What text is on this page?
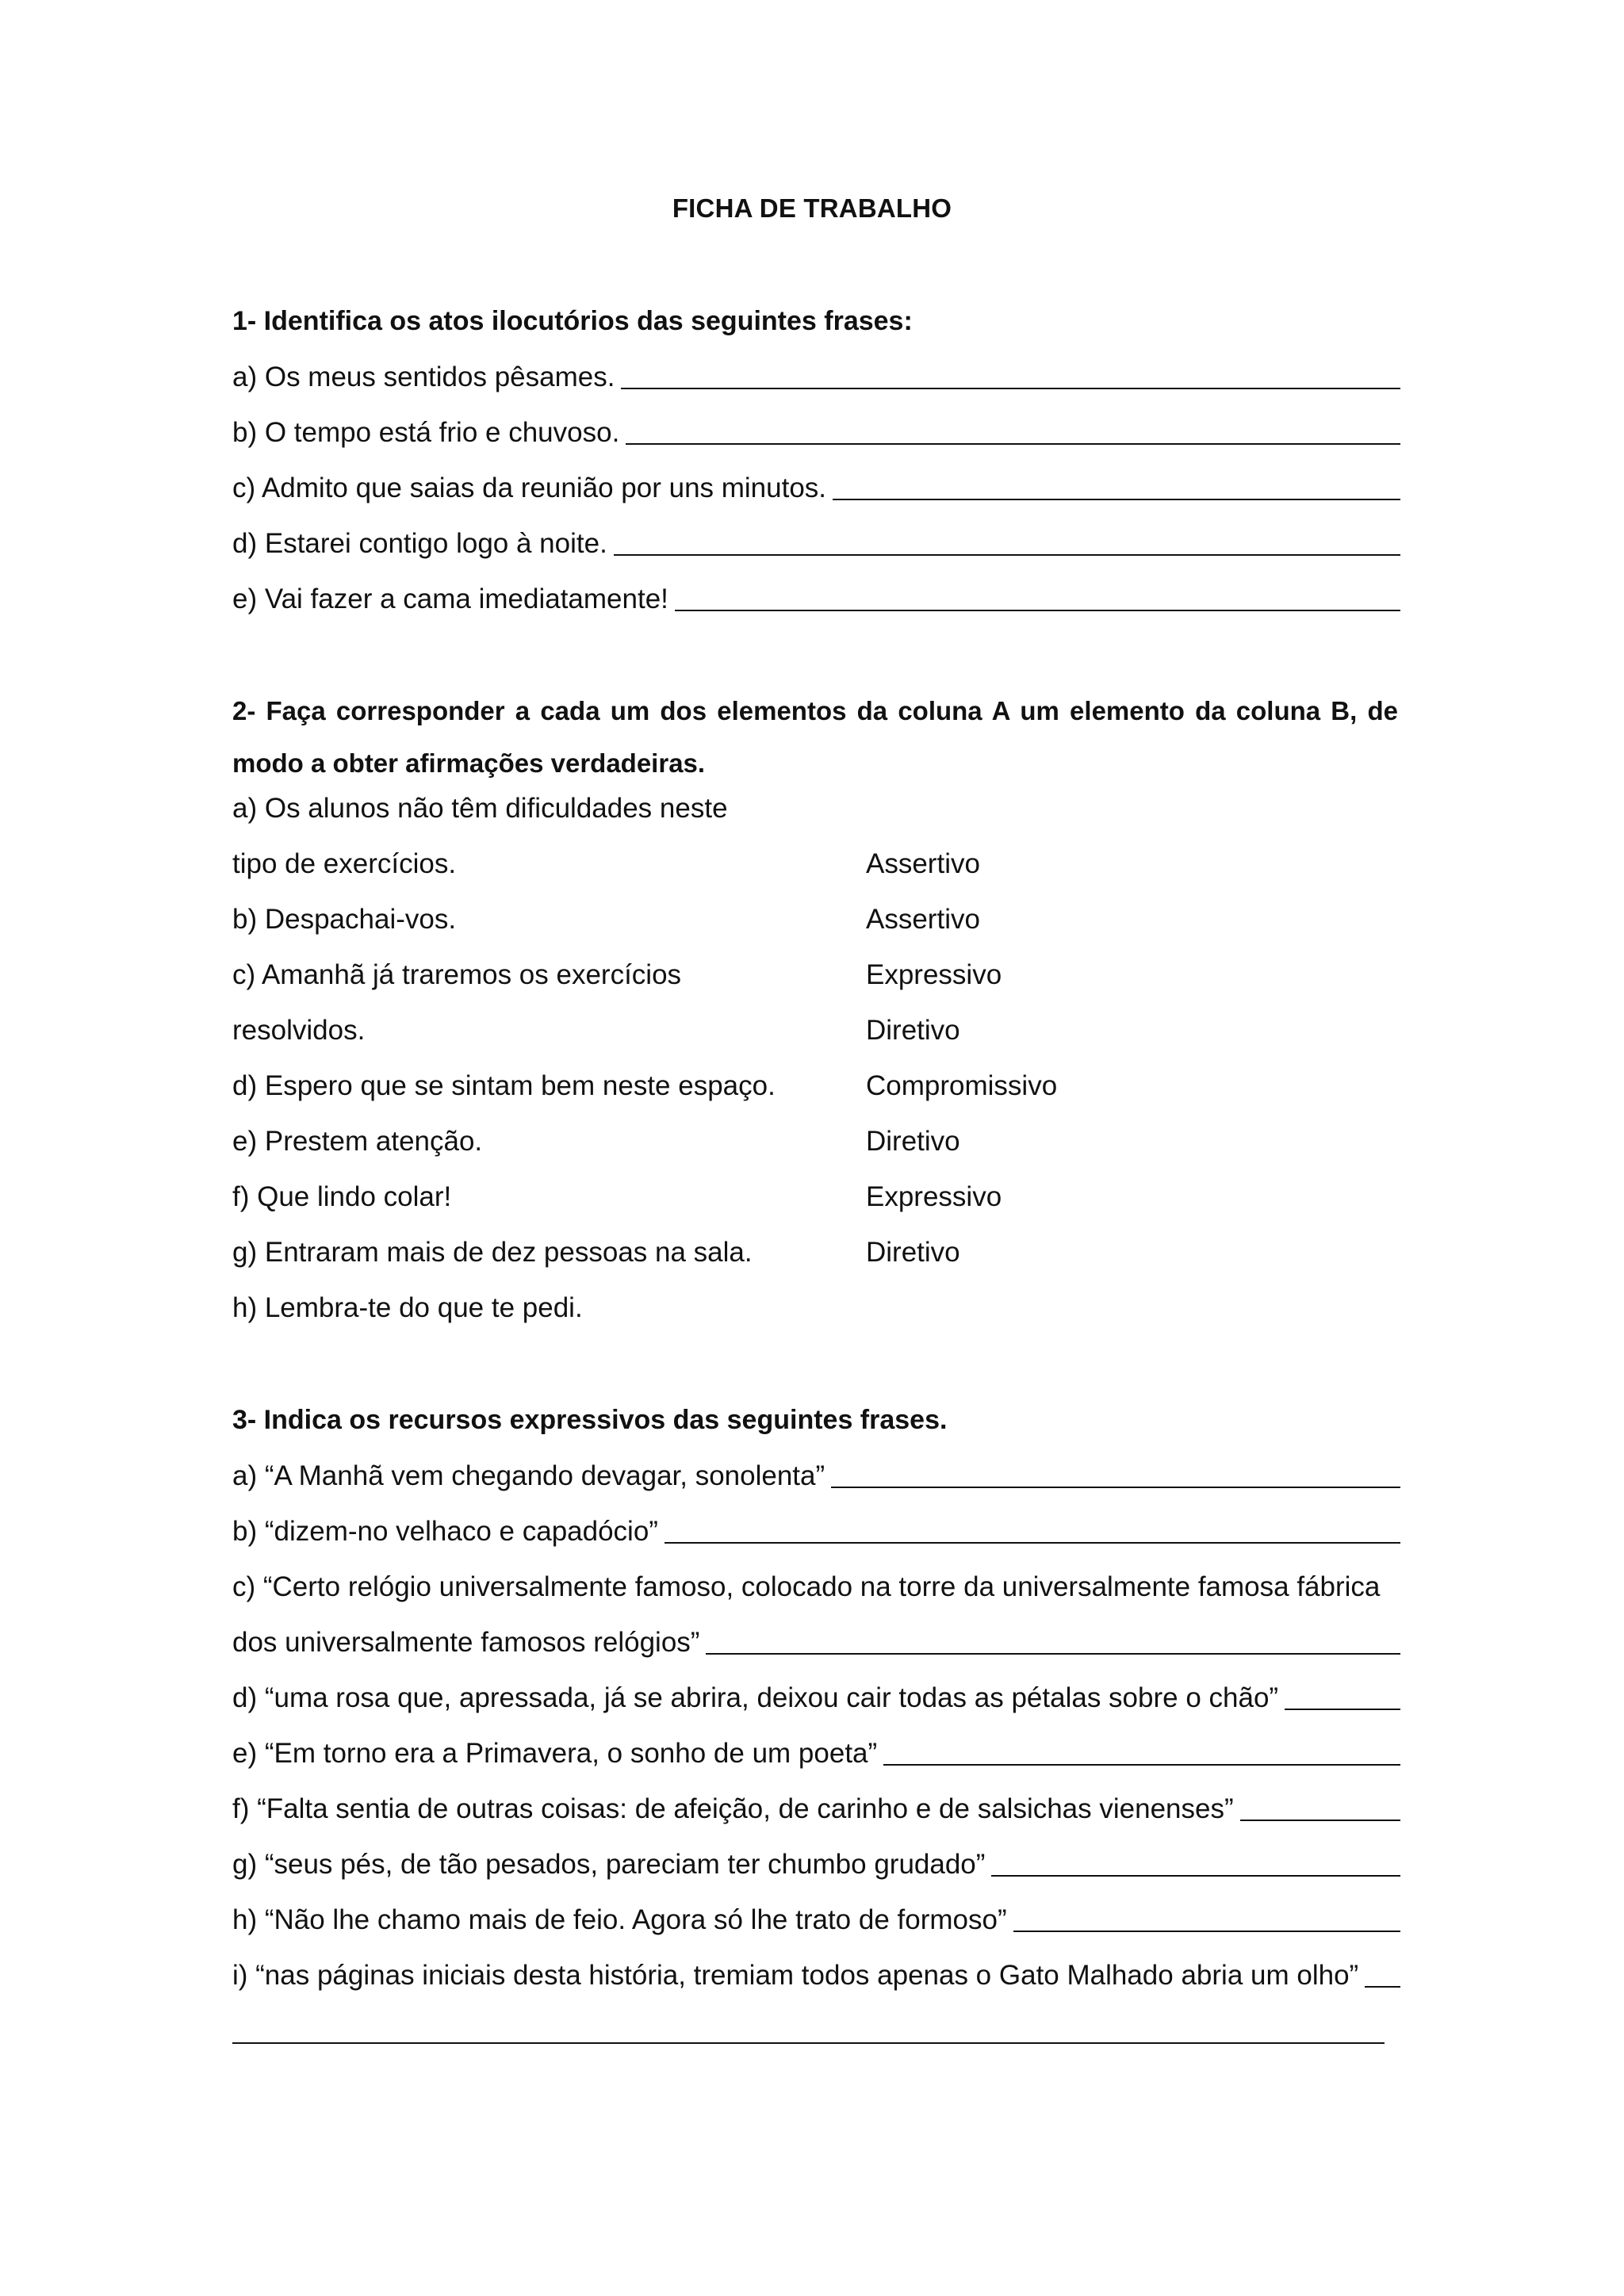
FICHA DE TRABALHO
1- Identifica os atos ilocutórios das seguintes frases:
a) Os meus sentidos pêsames.
b) O tempo está frio e chuvoso.
c) Admito que saias da reunião por uns minutos.
d) Estarei contigo logo à noite.
e) Vai fazer a cama imediatamente!
2- Faça corresponder a cada um dos elementos da coluna A um elemento da coluna B, de modo a obter afirmações verdadeiras.
a) Os alunos não têm dificuldades neste
tipo de exercícios.
b) Despachai-vos.
c) Amanhã já traremos os exercícios
resolvidos.
d) Espero que se sintam bem neste espaço.
e) Prestem atenção.
f) Que lindo colar!
g) Entraram mais de dez pessoas na sala.
h) Lembra-te do que te pedi.
Assertivo
Assertivo
Expressivo
Diretivo
Compromissivo
Diretivo
Expressivo
Diretivo
3- Indica os recursos expressivos das seguintes frases.
a) “A Manhã vem chegando devagar, sonolenta”
b) “dizem-no velhaco e capadócio”
c) “Certo relógio universalmente famoso, colocado na torre da universalmente famosa fábrica
dos universalmente famosos relógios”
d) “uma rosa que, apressada, já se abrira, deixou cair todas as pétalas sobre o chão”
e) “Em torno era a Primavera, o sonho de um poeta”
f) “Falta sentia de outras coisas: de afeição, de carinho e de salsichas vienenses”
g) “seus pés, de tão pesados, pareciam ter chumbo grudado”
h) “Não lhe chamo mais de feio. Agora só lhe trato de formoso”
i) “nas páginas iniciais desta história, tremiam todos apenas o Gato Malhado abria um olho”
